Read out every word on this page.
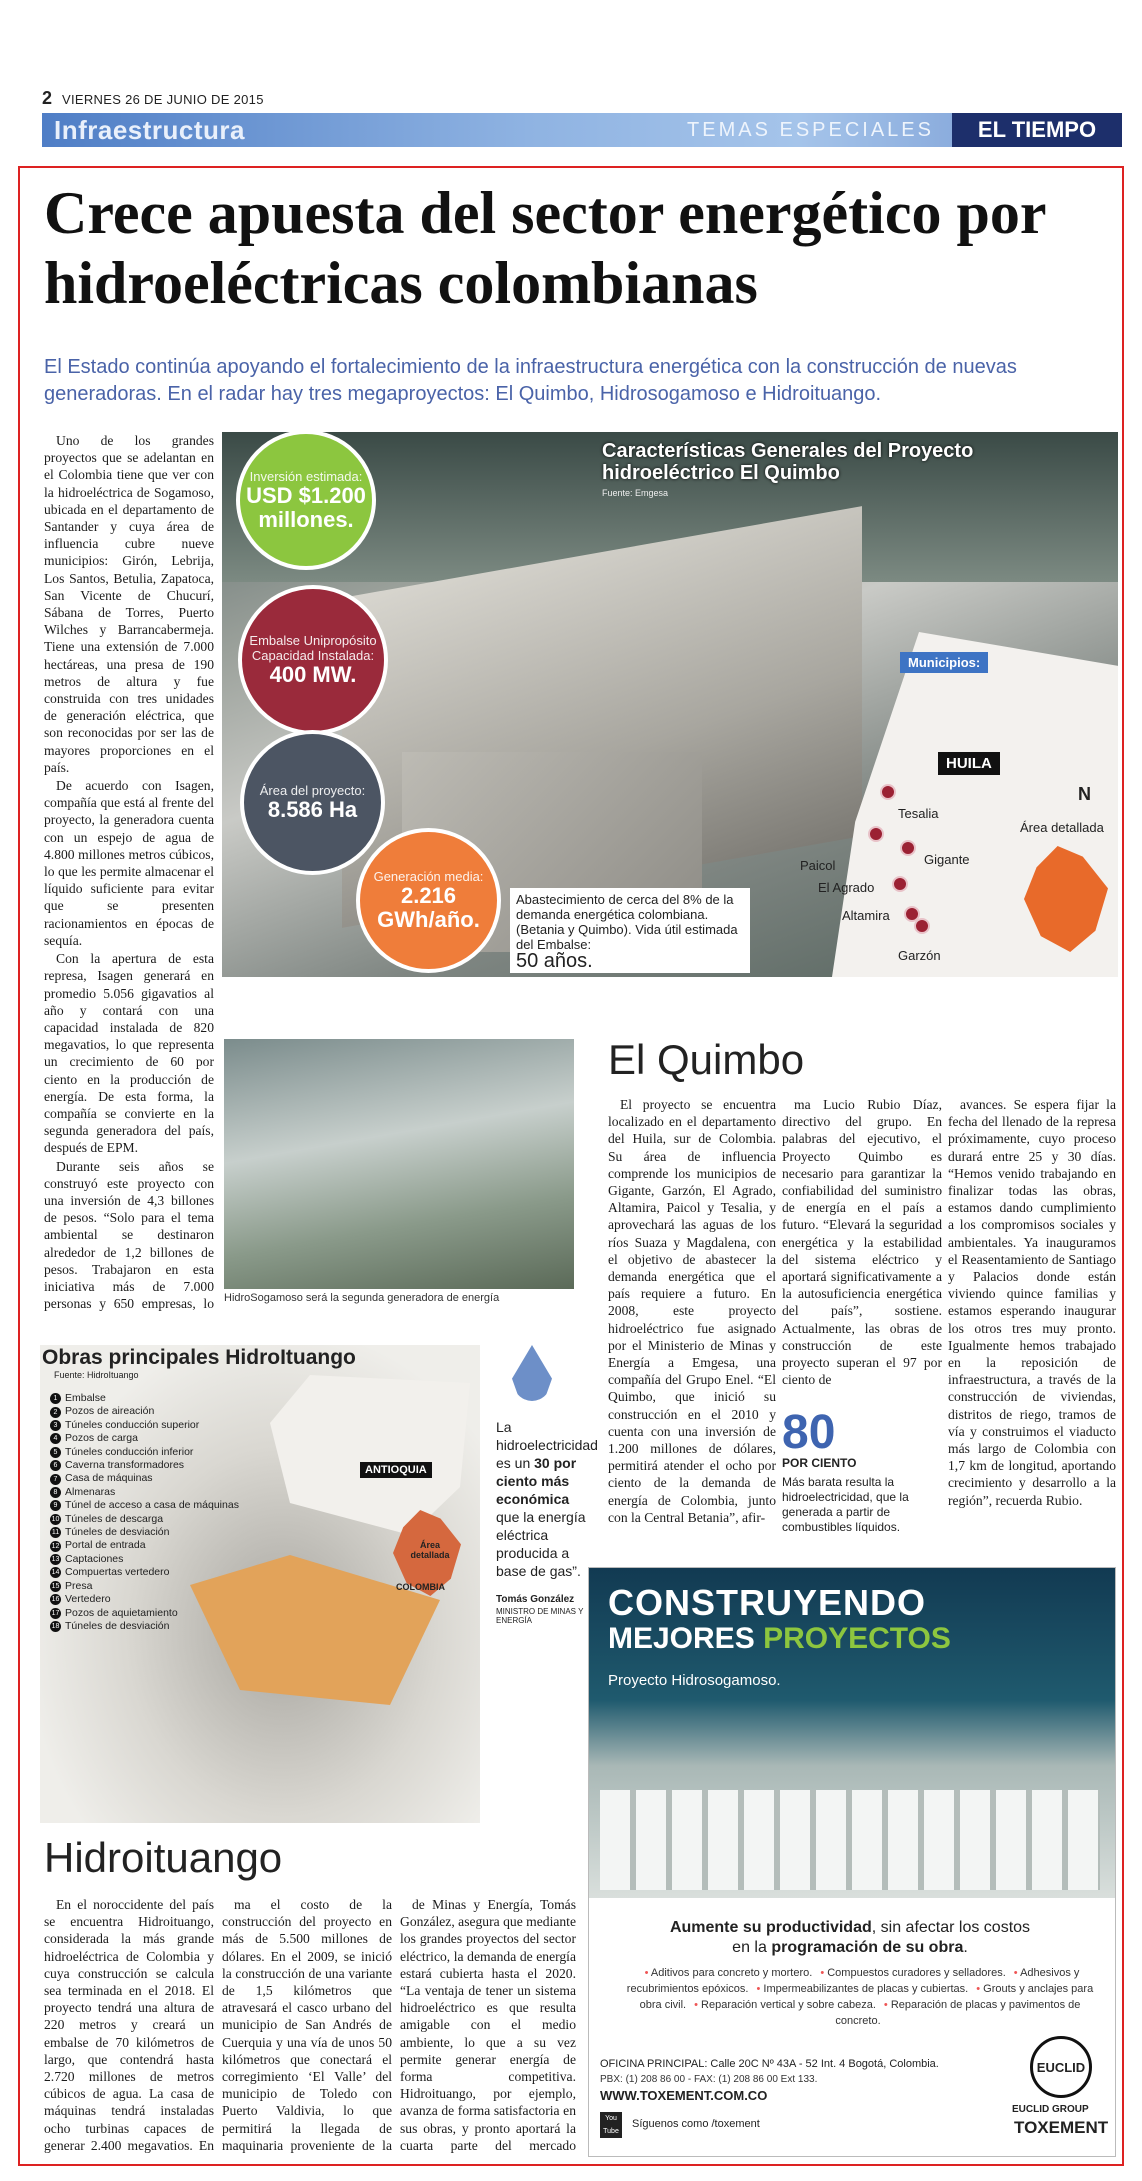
2 VIERNES 26 DE JUNIO DE 2015
Infraestructura	TEMAS ESPECIALES	EL TIEMPO
Crece apuesta del sector energético por hidroeléctricas colombianas
El Estado continúa apoyando el fortalecimiento de la infraestructura energética con la construcción de nuevas generadoras. En el radar hay tres megaproyectos: El Quimbo, Hidrosogamoso e Hidroituango.

Uno de los grandes proyectos que se adelantan en el Colombia tiene que ver con la hidroeléctrica de Sogamoso, ubicada en el departamento de Santander y cuya área de influencia cubre nueve municipios: Girón, Lebrija, Los Santos, Betulia, Zapatoca, San Vicente de Chucurí, Sábana de Torres, Puerto Wilches y Barrancabermeja. Tiene una extensión de 7.000 hectáreas, una presa de 190 metros de altura y fue construida con tres unidades de generación eléctrica, que son reconocidas por ser las de mayores proporciones en el país.

De acuerdo con Isagen, compañía que está al frente del proyecto, la generadora cuenta con un espejo de agua de 4.800 millones metros cúbicos, lo que les permite almacenar el líquido suficiente para evitar que se presenten racionamientos en épocas de sequía.

Con la apertura de esta represa, Isagen generará en promedio 5.056 gigavatios al año y contará con una capacidad instalada de 820 megavatios, lo que representa un crecimiento de 60 por ciento en la producción de energía. De esta forma, la compañía se convierte en la segunda generadora del país, después de EPM.

Durante seis años se construyó este proyecto con una inversión de 4,3 billones de pesos. “Solo para el tema ambiental se destinaron alrededor de 1,2 billones de pesos. Trabajaron en esta iniciativa más de 7.000 personas y 650 empresas, lo

Características Generales del Proyecto hidroeléctrico El Quimbo
Fuente: Emgesa
Inversión estimada:
USD $1.200 millones.
Embalse Unipropósito Capacidad Instalada:
400 MW.
Área del proyecto:
8.586 Ha
Generación media:
2.216 GWh/año.
Municipios:
HUILA
N
Área detallada
Tesalia
Paicol	Gigante
El Agrado
Altamira
Garzón
Abastecimiento de cerca del 8% de la demanda energética colombiana. (Betania y Quimbo). Vida útil estimada del Embalse:
50 años.
HidroSogamoso será la segunda generadora de energía
El Quimbo

El proyecto se encuentra localizado en el departamento del Huila, sur de Colombia. Su área de influencia comprende los municipios de Gigante, Garzón, El Agrado, Altamira, Paicol y Tesalia, y aprovechará las aguas de los ríos Suaza y Magdalena, con el objetivo de abastecer la demanda energética que el país requiere a futuro. En 2008, este proyecto hidroeléctrico fue asignado por el Ministerio de Minas y Energía a Emgesa, una compañía del Grupo Enel. “El Quimbo, que inició su construcción en el 2010 y cuenta con una inversión de 1.200 millones de dólares, permitirá atender el ocho por ciento de la demanda de energía de Colombia, junto con la Central Betania”, afir-

ma Lucio Rubio Díaz, directivo del grupo. En palabras del ejecutivo, el Proyecto Quimbo es necesario para garantizar la confiabilidad del suministro de energía en el país a futuro. “Elevará la seguridad energética y la estabilidad del sistema eléctrico y aportará significativamente a la autosuficiencia energética del país”, sostiene. Actualmente, las obras de construcción de este proyecto superan el 97 por ciento de

avances. Se espera fijar la fecha del llenado de la represa próximamente, cuyo proceso durará entre 25 y 30 días. “Hemos venido trabajando en finalizar todas las obras, estamos dando cumplimiento a los compromisos sociales y ambientales. Ya inauguramos el Reasentamiento de Santiago y Palacios donde están viviendo quince familias y estamos esperando inaugurar los otros tres muy pronto. Igualmente hemos trabajado en la reposición de infraestructura, a través de la construcción de viviendas, distritos de riego, tramos de vía y construimos el viaducto más largo de Colombia con 1,7 km de longitud, aportando crecimiento y desarrollo a la región”, recuerda Rubio.

80
POR CIENTO
Más barata resulta la hidroelectricidad, que la generada a partir de combustibles líquidos.
ANTIOQUIA
Área detallada
COLOMBIA
Obras principales HidroItuango
Fuente: HidroItuango
1 Embalse
2 Pozos de aireación
3 Túneles conducción superior
4 Pozos de carga
5 Túneles conducción inferior
6 Caverna transformadores
7 Casa de máquinas
8 Almenaras
9 Túnel de acceso a casa de máquinas
10 Túneles de descarga
11 Túneles de desviación
12 Portal de entrada
13 Captaciones
14 Compuertas vertedero
15 Presa
16 Vertedero
17 Pozos de aquietamiento
18 Túneles de desviación
La hidroelectricidad es un 30 por ciento más económica que la energía eléctrica producida a base de gas”.
Tomás González
MINISTRO DE MINAS Y ENERGÍA
Hidroituango

En el noroccidente del país se encuentra Hidroituango, considerada la más grande hidroeléctrica de Colombia y cuya construcción se calcula sea terminada en el 2018. El proyecto tendrá una altura de 220 metros y creará un embalse de 70 kilómetros de largo, que contendrá hasta 2.720 millones de metros cúbicos de agua. La casa de máquinas tendrá instaladas ocho turbinas capaces de generar 2.400 megavatios. En

ma el costo de la construcción del proyecto en más de 5.500 millones de dólares. En el 2009, se inició la construcción de una variante de 1,5 kilómetros que atravesará el casco urbano del municipio de San Andrés de Cuerquia y una vía de unos 50 kilómetros que conectará el corregimiento ‘El Valle’ del municipio de Toledo con Puerto Valdivia, lo que permitirá la llegada de maquinaria proveniente de la

de Minas y Energía, Tomás González, asegura que mediante los grandes proyectos del sector eléctrico, la demanda de energía estará cubierta hasta el 2020. “La ventaja de tener un sistema hidroeléctrico es que resulta amigable con el medio ambiente, lo que a su vez permite generar energía de forma competitiva. Hidroituango, por ejemplo, avanza de forma satisfactoria en sus obras, y pronto aportará la cuarta parte del mercado

CONSTRUYENDO
MEJORES PROYECTOS
Proyecto Hidrosogamoso.
Aumente su productividad, sin afectar los costos
en la programación de su obra.
• Aditivos para concreto y mortero. • Compuestos curadores y selladores. • Adhesivos y recubrimientos epóxicos. • Impermeabilizantes de placas y cubiertas. • Grouts y anclajes para obra civil. • Reparación vertical y sobre cabeza. • Reparación de placas y pavimentos de concreto.
OFICINA PRINCIPAL: Calle 20C Nº 43A - 52 Int. 4 Bogotá, Colombia.
PBX: (1) 208 86 00 - FAX: (1) 208 86 00 Ext 133.
WWW.TOXEMENT.COM.CO
You Tube
Síguenos como /toxement
EUCLID
EUCLID GROUP
TOXEMENT
